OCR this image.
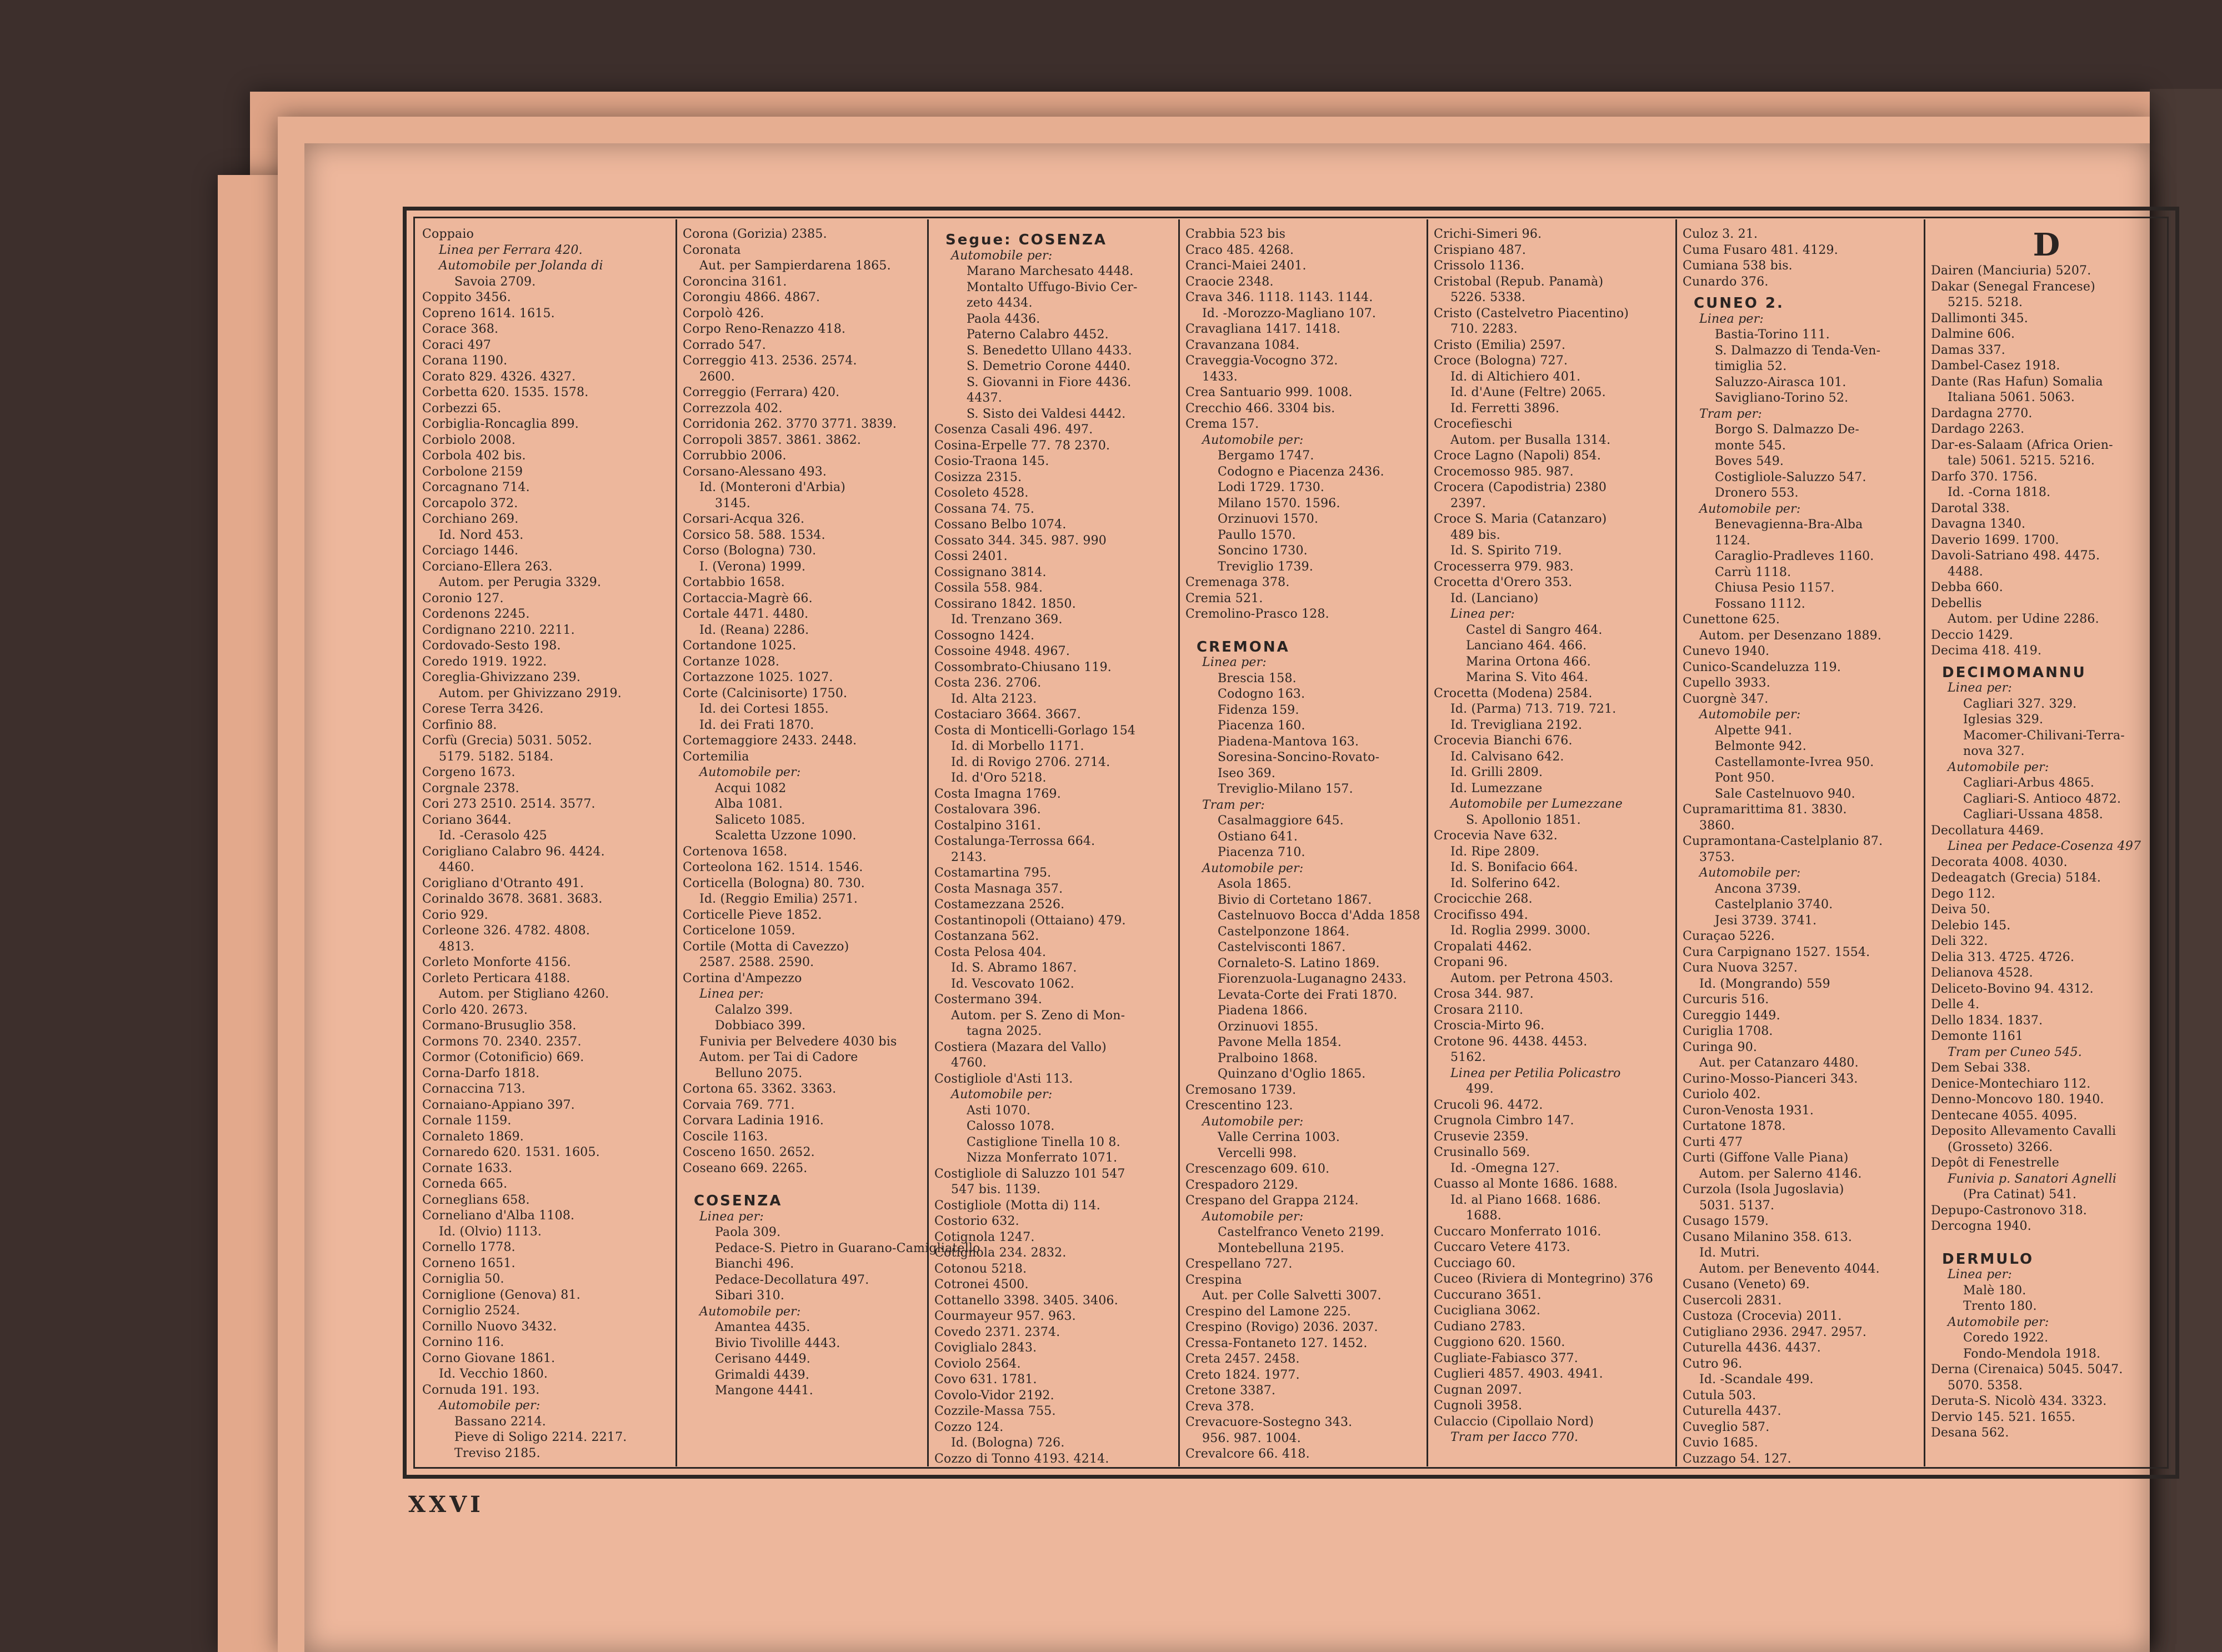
Coppaio
Linea per Ferrara 420.
Automobile per Jolanda di
Savoia 2709.
Coppito 3456.
Copreno 1614. 1615.
Corace 368.
Coraci 497
Corana 1190.
Corato 829. 4326. 4327.
Corbetta 620. 1535. 1578.
Corbezzi 65.
Corbiglia-Roncaglia 899.
Corbiolo 2008.
Corbola 402 bis.
Corbolone 2159
Corcagnano 714.
Corcapolo 372.
Corchiano 269.
Id. Nord 453.
Corciago 1446.
Corciano-Ellera 263.
Autom. per Perugia 3329.
Coronio 127.
Cordenons 2245.
Cordignano 2210. 2211.
Cordovado-Sesto 198.
Coredo 1919. 1922.
Coreglia-Ghivizzano 239.
Autom. per Ghivizzano 2919.
Corese Terra 3426.
Corfinio 88.
Corfù (Grecia) 5031. 5052.
5179. 5182. 5184.
Corgeno 1673.
Corgnale 2378.
Cori 273 2510. 2514. 3577.
Coriano 3644.
Id. -Cerasolo 425
Corigliano Calabro 96. 4424.
4460.
Corigliano d'Otranto 491.
Corinaldo 3678. 3681. 3683.
Corio 929.
Corleone 326. 4782. 4808.
4813.
Corleto Monforte 4156.
Corleto Perticara 4188.
Autom. per Stigliano 4260.
Corlo 420. 2673.
Cormano-Brusuglio 358.
Cormons 70. 2340. 2357.
Cormor (Cotonificio) 669.
Corna-Darfo 1818.
Cornaccina 713.
Cornaiano-Appiano 397.
Cornale 1159.
Cornaleto 1869.
Cornaredo 620. 1531. 1605.
Cornate 1633.
Corneda 665.
Corneglians 658.
Corneliano d'Alba 1108.
Id. (Olvio) 1113.
Cornello 1778.
Corneno 1651.
Corniglia 50.
Corniglione (Genova) 81.
Corniglio 2524.
Cornillo Nuovo 3432.
Cornino 116.
Corno Giovane 1861.
Id. Vecchio 1860.
Cornuda 191. 193.
Automobile per:
Bassano 2214.
Pieve di Soligo 2214. 2217.
Treviso 2185.
Corona (Gorizia) 2385.
Coronata
Aut. per Sampierdarena 1865.
Coroncina 3161.
Corongiu 4866. 4867.
Corpolò 426.
Corpo Reno-Renazzo 418.
Corrado 547.
Correggio 413. 2536. 2574.
2600.
Correggio (Ferrara) 420.
Correzzola 402.
Corridonia 262. 3770 3771. 3839.
Corropoli 3857. 3861. 3862.
Corrubbio 2006.
Corsano-Alessano 493.
Id. (Monteroni d'Arbia)
3145.
Corsari-Acqua 326.
Corsico 58. 588. 1534.
Corso (Bologna) 730.
I. (Verona) 1999.
Cortabbio 1658.
Cortaccia-Magrè 66.
Cortale 4471. 4480.
Id. (Reana) 2286.
Cortandone 1025.
Cortanze 1028.
Cortazzone 1025. 1027.
Corte (Calcinisorte) 1750.
Id. dei Cortesi 1855.
Id. dei Frati 1870.
Cortemaggiore 2433. 2448.
Cortemilia
Automobile per:
Acqui 1082
Alba 1081.
Saliceto 1085.
Scaletta Uzzone 1090.
Cortenova 1658.
Corteolona 162. 1514. 1546.
Corticella (Bologna) 80. 730.
Id. (Reggio Emilia) 2571.
Corticelle Pieve 1852.
Corticelone 1059.
Cortile (Motta di Cavezzo)
2587. 2588. 2590.
Cortina d'Ampezzo
Linea per:
Calalzo 399.
Dobbiaco 399.
Funivia per Belvedere 4030 bis
Autom. per Tai di Cadore
Belluno 2075.
Cortona 65. 3362. 3363.
Corvaia 769. 771.
Corvara Ladinia 1916.
Coscile 1163.
Cosceno 1650. 2652.
Coseano 669. 2265.
COSENZA
Linea per:
Paola 309.
Pedace-S. Pietro in Guarano-Camigliatello
Bianchi 496.
Pedace-Decollatura 497.
Sibari 310.
Automobile per:
Amantea 4435.
Bivio Tivolille 4443.
Cerisano 4449.
Grimaldi 4439.
Mangone 4441.
Segue: COSENZA
Automobile per:
Marano Marchesato 4448.
Montalto Uffugo-Bivio Cer-
zeto 4434.
Paola 4436.
Paterno Calabro 4452.
S. Benedetto Ullano 4433.
S. Demetrio Corone 4440.
S. Giovanni in Fiore 4436.
4437.
S. Sisto dei Valdesi 4442.
Cosenza Casali 496. 497.
Cosina-Erpelle 77. 78 2370.
Cosio-Traona 145.
Cosizza 2315.
Cosoleto 4528.
Cossana 74. 75.
Cossano Belbo 1074.
Cossato 344. 345. 987. 990
Cossi 2401.
Cossignano 3814.
Cossila 558. 984.
Cossirano 1842. 1850.
Id. Trenzano 369.
Cossogno 1424.
Cossoine 4948. 4967.
Cossombrato-Chiusano 119.
Costa 236. 2706.
Id. Alta 2123.
Costaciaro 3664. 3667.
Costa di Monticelli-Gorlago 154
Id. di Morbello 1171.
Id. di Rovigo 2706. 2714.
Id. d'Oro 5218.
Costa Imagna 1769.
Costalovara 396.
Costalpino 3161.
Costalunga-Terrossa 664.
2143.
Costamartina 795.
Costa Masnaga 357.
Costamezzana 2526.
Costantinopoli (Ottaiano) 479.
Costanzana 562.
Costa Pelosa 404.
Id. S. Abramo 1867.
Id. Vescovato 1062.
Costermano 394.
Autom. per S. Zeno di Mon-
tagna 2025.
Costiera (Mazara del Vallo)
4760.
Costigliole d'Asti 113.
Automobile per:
Asti 1070.
Calosso 1078.
Castiglione Tinella 10 8.
Nizza Monferrato 1071.
Costigliole di Saluzzo 101 547
547 bis. 1139.
Costigliole (Motta di) 114.
Costorio 632.
Cotignola 1247.
Cotignola 234. 2832.
Cotonou 5218.
Cotronei 4500.
Cottanello 3398. 3405. 3406.
Courmayeur 957. 963.
Covedo 2371. 2374.
Coviglialo 2843.
Coviolo 2564.
Covo 631. 1781.
Covolo-Vidor 2192.
Cozzile-Massa 755.
Cozzo 124.
Id. (Bolognа) 726.
Cozzo di Tonno 4193. 4214.
Crabbia 523 bis
Craco 485. 4268.
Cranci-Maiei 2401.
Craocie 2348.
Crava 346. 1118. 1143. 1144.
Id. -Morozzo-Magliano 107.
Cravagliana 1417. 1418.
Cravanzana 1084.
Craveggia-Vocogno 372.
1433.
Crea Santuario 999. 1008.
Crecchio 466. 3304 bis.
Crema 157.
Automobile per:
Bergamo 1747.
Codogno e Piacenza 2436.
Lodi 1729. 1730.
Milano 1570. 1596.
Orzinuovi 1570.
Paullo 1570.
Soncino 1730.
Treviglio 1739.
Cremenaga 378.
Cremia 521.
Cremolino-Prasco 128.
CREMONA
Linea per:
Brescia 158.
Codogno 163.
Fidenza 159.
Piacenza 160.
Piadena-Mantova 163.
Soresina-Soncino-Rovato-
Iseo 369.
Treviglio-Milano 157.
Tram per:
Casalmaggiore 645.
Ostiano 641.
Piacenza 710.
Automobile per:
Asola 1865.
Bivio di Cortetano 1867.
Castelnuovo Bocca d'Adda 1858
Castelponzone 1864.
Castelvisconti 1867.
Cornaleto-S. Latino 1869.
Fiorenzuola-Luganagno 2433.
Levata-Corte dei Frati 1870.
Piadena 1866.
Orzinuovi 1855.
Pavone Mella 1854.
Pralboino 1868.
Quinzano d'Oglio 1865.
Cremosano 1739.
Crescentino 123.
Automobile per:
Valle Cerrina 1003.
Vercelli 998.
Crescenzago 609. 610.
Crespadoro 2129.
Crespano del Grappa 2124.
Automobile per:
Castelfranco Veneto 2199.
Montebelluna 2195.
Crespellano 727.
Crespina
Aut. per Colle Salvetti 3007.
Crespino del Lamone 225.
Crespino (Rovigo) 2036. 2037.
Cressa-Fontaneto 127. 1452.
Creta 2457. 2458.
Creto 1824. 1977.
Cretone 3387.
Creva 378.
Crevacuore-Sostegno 343.
956. 987. 1004.
Crevalcore 66. 418.
Crichi-Simeri 96.
Crispiano 487.
Crissolo 1136.
Cristobal (Repub. Panamà)
5226. 5338.
Cristo (Castelvetro Piacentino)
710. 2283.
Cristo (Emilia) 2597.
Croce (Bologna) 727.
Id. di Altichiero 401.
Id. d'Aune (Feltre) 2065.
Id. Ferretti 3896.
Crocefieschi
Autom. per Busalla 1314.
Croce Lagno (Napoli) 854.
Crocemosso 985. 987.
Crocera (Capodistria) 2380
2397.
Croce S. Maria (Catanzaro)
489 bis.
Id. S. Spirito 719.
Crocesserra 979. 983.
Crocetta d'Orero 353.
Id. (Lanciano)
Linea per:
Castel di Sangro 464.
Lanciano 464. 466.
Marina Ortona 466.
Marina S. Vito 464.
Crocetta (Modena) 2584.
Id. (Parma) 713. 719. 721.
Id. Trevigliana 2192.
Crocevia Bianchi 676.
Id. Calvisano 642.
Id. Grilli 2809.
Id. Lumezzane
Automobile per Lumezzane
S. Apollonio 1851.
Crocevia Nave 632.
Id. Ripe 2809.
Id. S. Bonifacio 664.
Id. Solferino 642.
Crocicchie 268.
Crocifisso 494.
Id. Roglia 2999. 3000.
Cropalati 4462.
Cropani 96.
Autom. per Petrona 4503.
Crosa 344. 987.
Crosara 2110.
Croscia-Mirto 96.
Crotone 96. 4438. 4453.
5162.
Linea per Petilia Policastro
499.
Crucoli 96. 4472.
Crugnola Cimbro 147.
Crusevie 2359.
Crusinallo 569.
Id. -Omegna 127.
Cuasso al Monte 1686. 1688.
Id. al Piano 1668. 1686.
1688.
Cuccaro Monferrato 1016.
Cuccaro Vetere 4173.
Cucciago 60.
Cuceo (Riviera di Montegrino) 376
Cuccurano 3651.
Cucigliana 3062.
Cudiano 2783.
Cuggiono 620. 1560.
Cugliate-Fabiasco 377.
Cuglieri 4857. 4903. 4941.
Cugnan 2097.
Cugnoli 3958.
Culaccio (Cipollaio Nord)
Tram per Iacco 770.
Culoz 3. 21.
Cuma Fusaro 481. 4129.
Cumiana 538 bis.
Cunardo 376.
CUNEO 2.
Linea per:
Bastia-Torino 111.
S. Dalmazzo di Tenda-Ven-
timiglia 52.
Saluzzo-Airasca 101.
Savigliano-Torino 52.
Tram per:
Borgo S. Dalmazzo De-
monte 545.
Boves 549.
Costigliole-Saluzzo 547.
Dronero 553.
Automobile per:
Benevagienna-Bra-Alba
1124.
Caraglio-Pradleves 1160.
Carrù 1118.
Chiusa Pesio 1157.
Fossano 1112.
Cunettone 625.
Autom. per Desenzano 1889.
Cunevo 1940.
Cunico-Scandeluzza 119.
Cupello 3933.
Cuorgnè 347.
Automobile per:
Alpette 941.
Belmonte 942.
Castellamonte-Ivrea 950.
Pont 950.
Sale Castelnuovo 940.
Cupramarittima 81. 3830.
3860.
Cupramontana-Castelplanio 87.
3753.
Automobile per:
Ancona 3739.
Castelplanio 3740.
Jesi 3739. 3741.
Curaçao 5226.
Cura Carpignano 1527. 1554.
Cura Nuova 3257.
Id. (Mongrando) 559
Curcuris 516.
Cureggio 1449.
Curiglia 1708.
Curinga 90.
Aut. per Catanzaro 4480.
Curino-Mosso-Pianceri 343.
Curiolo 402.
Curon-Venosta 1931.
Curtatone 1878.
Curti 477
Curti (Giffone Valle Piana)
Autom. per Salerno 4146.
Curzola (Isola Jugoslavia)
5031. 5137.
Cusago 1579.
Cusano Milanino 358. 613.
Id. Mutri.
Autom. per Benevento 4044.
Cusano (Veneto) 69.
Cusercoli 2831.
Custoza (Crocevia) 2011.
Cutigliano 2936. 2947. 2957.
Cuturella 4436. 4437.
Cutro 96.
Id. -Scandale 499.
Cutula 503.
Cuturella 4437.
Cuveglio 587.
Cuvio 1685.
Cuzzago 54. 127.
D
Dairen (Manciuria) 5207.
Dakar (Senegal Francese)
5215. 5218.
Dallimonti 345.
Dalmine 606.
Damas 337.
Dambel-Casez 1918.
Dante (Ras Hafun) Somalia
Italiana 5061. 5063.
Dardagna 2770.
Dardago 2263.
Dar-es-Salaam (Africa Orien-
tale) 5061. 5215. 5216.
Darfo 370. 1756.
Id. -Corna 1818.
Darotal 338.
Davagna 1340.
Daverio 1699. 1700.
Davoli-Satriano 498. 4475.
4488.
Debba 660.
Debellis
Autom. per Udine 2286.
Deccio 1429.
Decima 418. 419.
DECIMOMANNU
Linea per:
Cagliari 327. 329.
Iglesias 329.
Macomer-Chilivani-Terra-
nova 327.
Automobile per:
Cagliari-Arbus 4865.
Cagliari-S. Antioco 4872.
Cagliari-Ussana 4858.
Decollatura 4469.
Linea per Pedace-Cosenza 497
Decorata 4008. 4030.
Dedeagatch (Grecia) 5184.
Dego 112.
Deiva 50.
Delebio 145.
Deli 322.
Delia 313. 4725. 4726.
Delianova 4528.
Deliceto-Bovino 94. 4312.
Delle 4.
Dello 1834. 1837.
Demonte 1161
Tram per Cuneo 545.
Dem Sebai 338.
Denice-Montechiaro 112.
Denno-Moncovo 180. 1940.
Dentecane 4055. 4095.
Deposito Allevamento Cavalli
(Grosseto) 3266.
Depôt di Fenestrelle
Funivia p. Sanatori Agnelli
(Pra Catinat) 541.
Depupo-Castronovo 318.
Dercogna 1940.
DERMULO
Linea per:
Malè 180.
Trento 180.
Automobile per:
Coredo 1922.
Fondo-Mendola 1918.
Derna (Cirenaica) 5045. 5047.
5070. 5358.
Deruta-S. Nicolò 434. 3323.
Dervio 145. 521. 1655.
Desana 562.
XXVI
